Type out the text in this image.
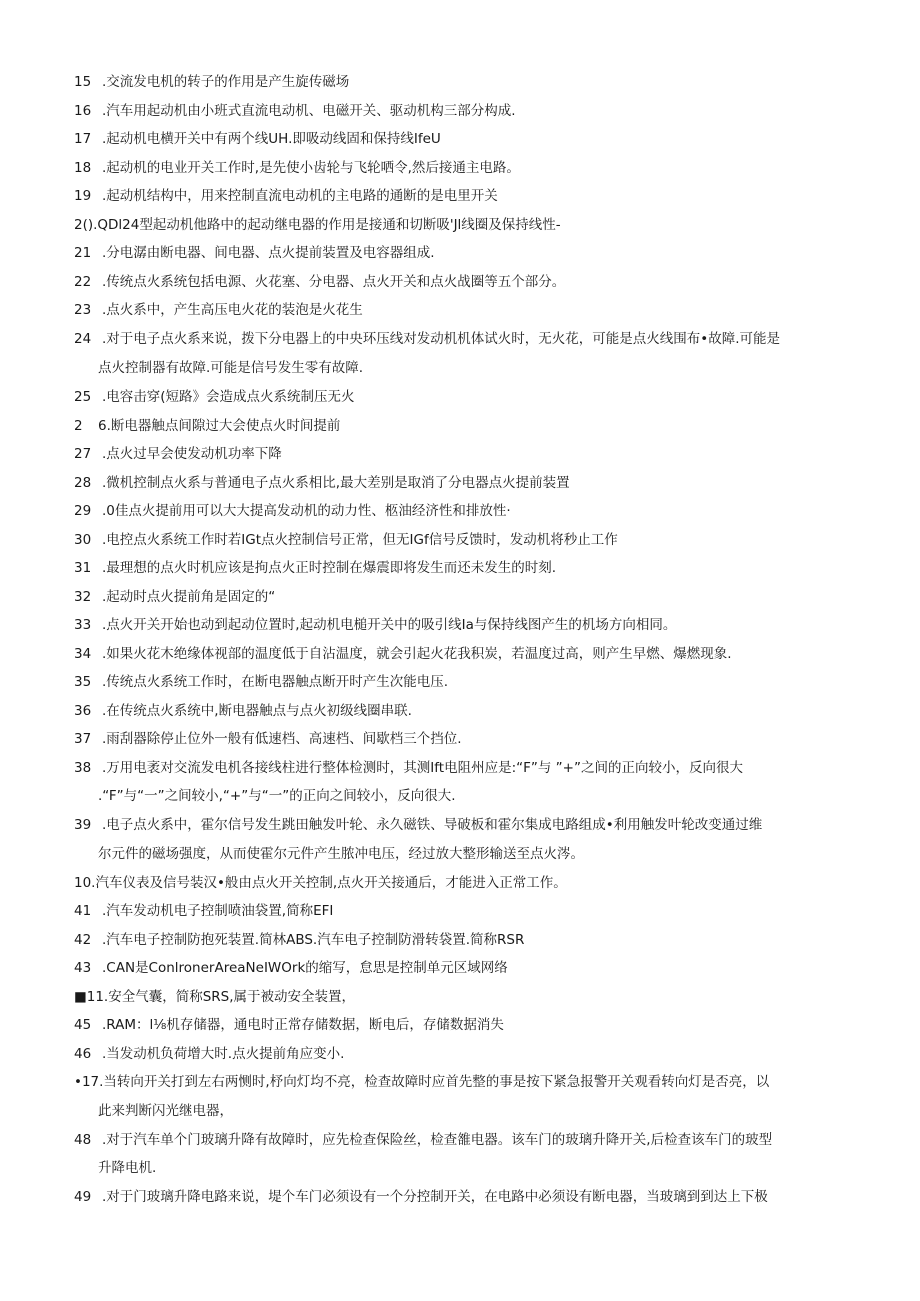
15 .交流发电机的转子的作用是产生旋传磁场
16 .汽车用起动机由小班式直流电动机、电磁开关、驱动机构三部分构成.
17 .起动机电横开关中有两个线UH.即吸动线固和保持线IfeU
18 .起动机的电业开关工作时,是先使小齿轮与飞轮哂令,然后接通主电路。
19 .起动机结构中，用来控制直流电动机的主电路的通断的是电里开关
2().QDl24型起动机他路中的起动继电器的作用是接通和切断吸'Jl线圈及保持线性-
21 .分电潺由断电器、间电器、点火提前装置及电容器组成.
22 .传统点火系统包括电源、火花塞、分电器、点火开关和点火战圈等五个部分。
23 .点火系中，产生高压电火花的装泡是火花生
24 .对于电子点火系来说，拨下分电器上的中央环压线对发动机机体试火时，无火花，可能是点火线围布•故障.可能是
点火控制器有故障.可能是信号发生零有故障.
25 .电容击穿(短路》会造成点火系统制压无火
2 6.断电器触点间隙过大会使点火时间提前
27 .点火过早会使发动机功率下降
28 .微机控制点火系与普通电子点火系相比,最大差别是取消了分电器点火提前装置
29 .0佳点火提前用可以大大提高发动机的动力性、柩油经济性和排放性·
30 .电控点火系统工作时若IGt点火控制信号正常，但无IGf信号反馈时，发动机将秒止工作
31 .最理想的点火时机应该是拘点火正时控制在爆震即将发生而还未发生的时刻.
32 .起动时点火提前角是固定的“
33 .点火开关开始也动到起动位置时,起动机电槌开关中的吸引线Ia与保持线图产生的机场方向相同。
34 .如果火花木绝缘体视部的温度低于自沾温度，就会引起火花我积炭，若温度过高，则产生早燃、爆燃现象.
35 .传统点火系统工作时，在断电器触点断开时产生次能电压.
36 .在传统点火系统中,断电器触点与点火初级线圈串联.
37 .雨刮器除停止位外一般有低速档、高速档、间歇档三个挡位.
38 .万用电袤对交流发电机各接线柱进行整体检测时，其测Ift电阻州应是:“F”与 ”+”之间的正向较小，反向很大
.“F”与“一”之间较小,“+”与“一”的正向之间较小，反向很大.
39 .电子点火系中，霍尔信号发生跳田触发叶轮、永久磁铁、导破板和霍尔集成电路组成•利用触发叶轮改变通过维
尔元件的磁场强度，从而使霍尔元件产生脓冲电压，经过放大整形输送至点火涔。
10.汽车仪表及信号装汉•般由点火开关控制,点火开关接通后，才能进入正常工作。
41 .汽车发动机电子控制喷油袋置,简称EFI
42 .汽车电子控制防抱死装置.简林ABS.汽车电子控制防滑转袋置.简称RSR
43 .CAN是ConlronerAreaNeIWOrk的缩写，怠思是控制单元区域网络
■11.安全气囊，简称SRS,属于被动安全装置，
45 .RAM：l⅛机存储器，通电时正常存储数据，断电后，存储数据消失
46 .当发动机负荷增大时.点火提前角应变小.
•17.当转向开关打到左右两恻时,杼向灯均不亮，检查故障时应首先整的事是按下紧急报警开关观看转向灯是否亮，以
此来判断闪光继电器，
48 .对于汽车单个门玻璃升降有故障时，应先检查保险丝，检查雒电器。该车门的玻璃升降开关,后检查该车门的玻型
升降电机.
49 .对于门玻璃升降电路来说，堤个车门必须设有一个分控制开关，在电路中必须设有断电器，当玻璃到到达上下极
